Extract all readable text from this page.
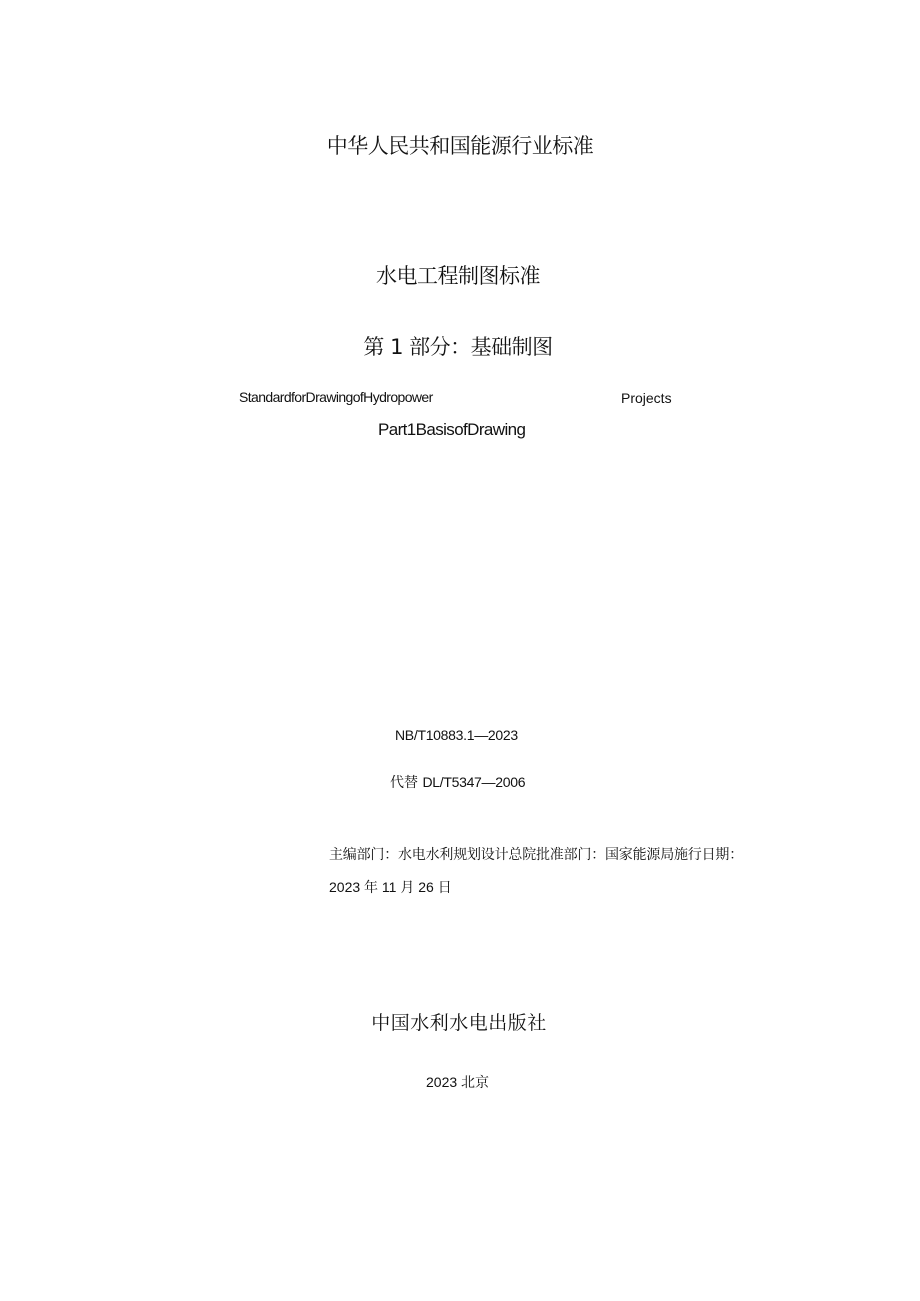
中华人民共和国能源行业标准
水电工程制图标准
第 1 部分：基础制图
StandardforDrawingofHydropower	Projects
Part1BasisofDrawing
NB/T10883.1—2023
代替 DL/T5347—2006
主编部门：水电水利规划设计总院批准部门：国家能源局施行日期：
2023 年 11 月 26 日
中国水利水电出版社
2023 北京
